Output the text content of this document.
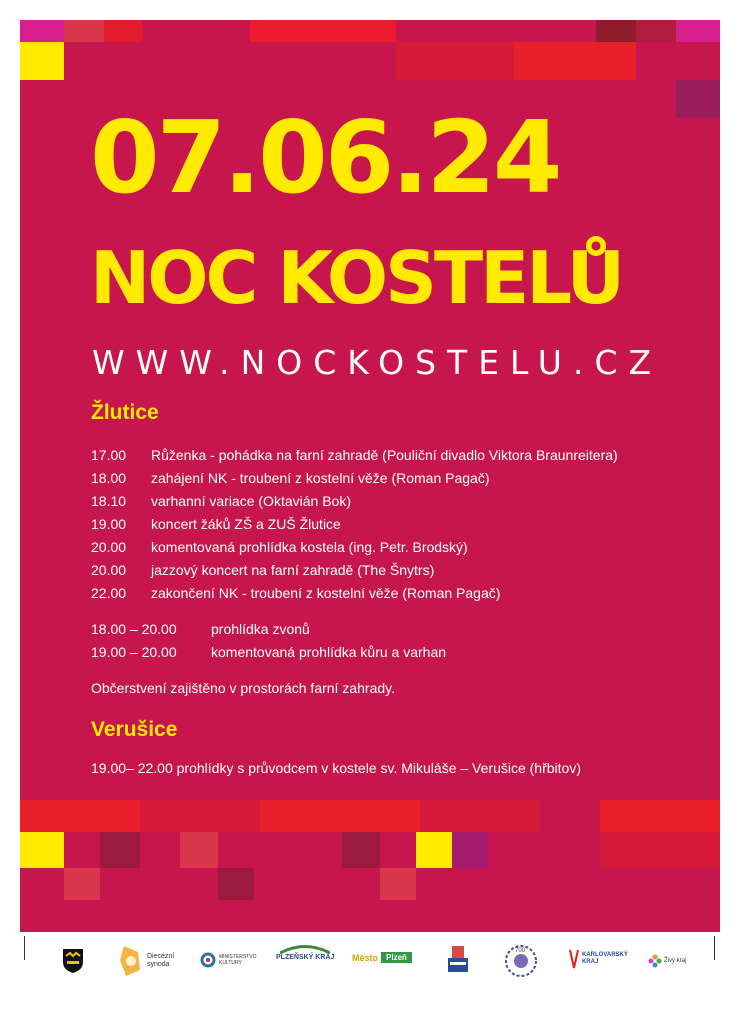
07.06.24
NOC KOSTELŮ
WWW.NOCKOSTELU.CZ
Žlutice
17.00 Růženka - pohádka na farní zahradě (Pouliční divadlo Viktora Braunreitera)
18.00 zahájení NK - troubení z kostelní věže (Roman Pagač)
18.10 varhanní variace (Oktavián Bok)
19.00 koncert žáků ZŠ a ZUŠ Žlutice
20.00 komentovaná prohlídka kostela (ing. Petr. Brodský)
20.00 jazzový koncert na farní zahradě (The Šnytrs)
22.00 zakončení NK - troubení z kostelní věže (Roman Pagač)
18.00 – 20.00 prohlídka zvonů
19.00 – 20.00 komentovaná prohlídka kůru a varhan
Občerstvení zajištěno v prostorách farní zahrady.
Verušice
19.00– 22.00 prohlídky s průvodcem v kostele sv. Mikuláše – Verušice (hřbitov)
Diecézní synoda
MINISTERSTVO KULTURY
PLZEŇSKÝ KRAJ Město	Plzeň
700
KARLOVARSKÝ
KRAJ	Živý kraj
